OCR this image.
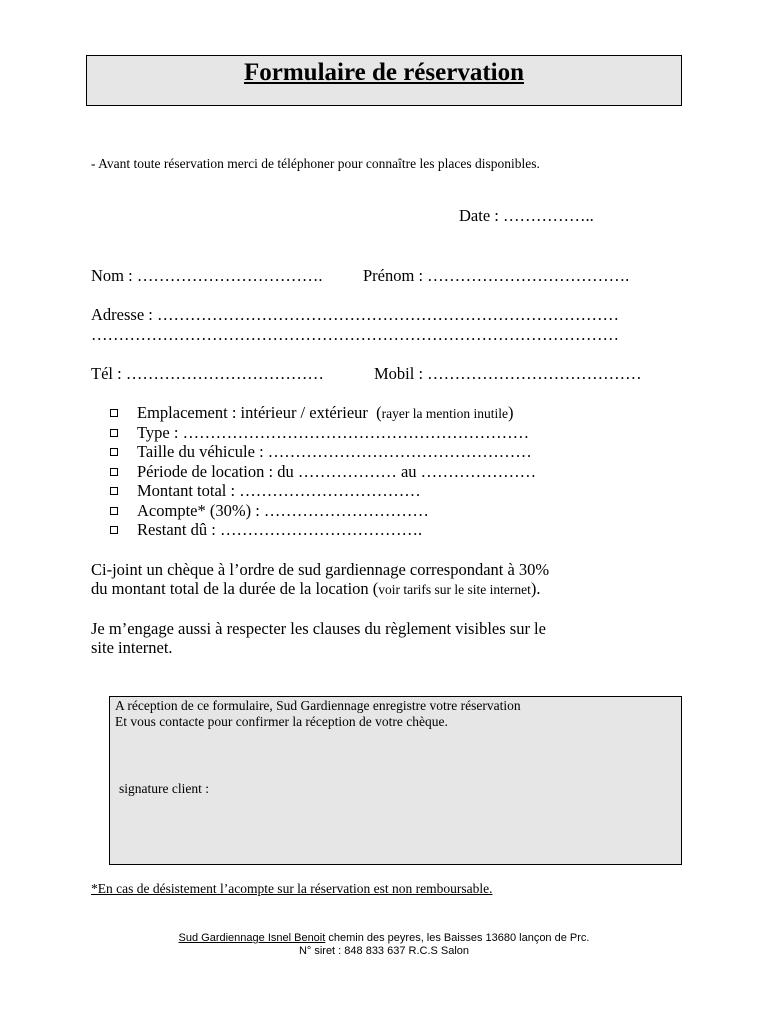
Formulaire de réservation
- Avant toute réservation merci de téléphoner pour connaître les places disponibles.
Date : ……………..
Nom : ……………………………. Prénom : ……………………………….
Adresse : …………………………………………………………………………
……………………………………………………………………………………
Tél : ………………………………	Mobil : …………………………………
Emplacement : intérieur / extérieur  (rayer la mention inutile)
Type : ………………………………………………………
Taille du véhicule : …………………………………………
Période de location : du ……………… au …………………
Montant total : ……………………………
Acompte* (30%) : …………………………
Restant dû : ……………………………….
Ci-joint un chèque à l’ordre de sud gardiennage correspondant à 30%
du montant total de la durée de la location (voir tarifs sur le site internet).
Je m’engage aussi à respecter les clauses du règlement visibles sur le
site internet.
A réception de ce formulaire, Sud Gardiennage enregistre votre réservation
Et vous contacte pour confirmer la réception de votre chèque.
signature client :
*En cas de désistement l’acompte sur la réservation est non remboursable.
Sud Gardiennage Isnel Benoit chemin des peyres, les Baisses 13680 lançon de Prc.
N° siret : 848 833 637 R.C.S Salon
